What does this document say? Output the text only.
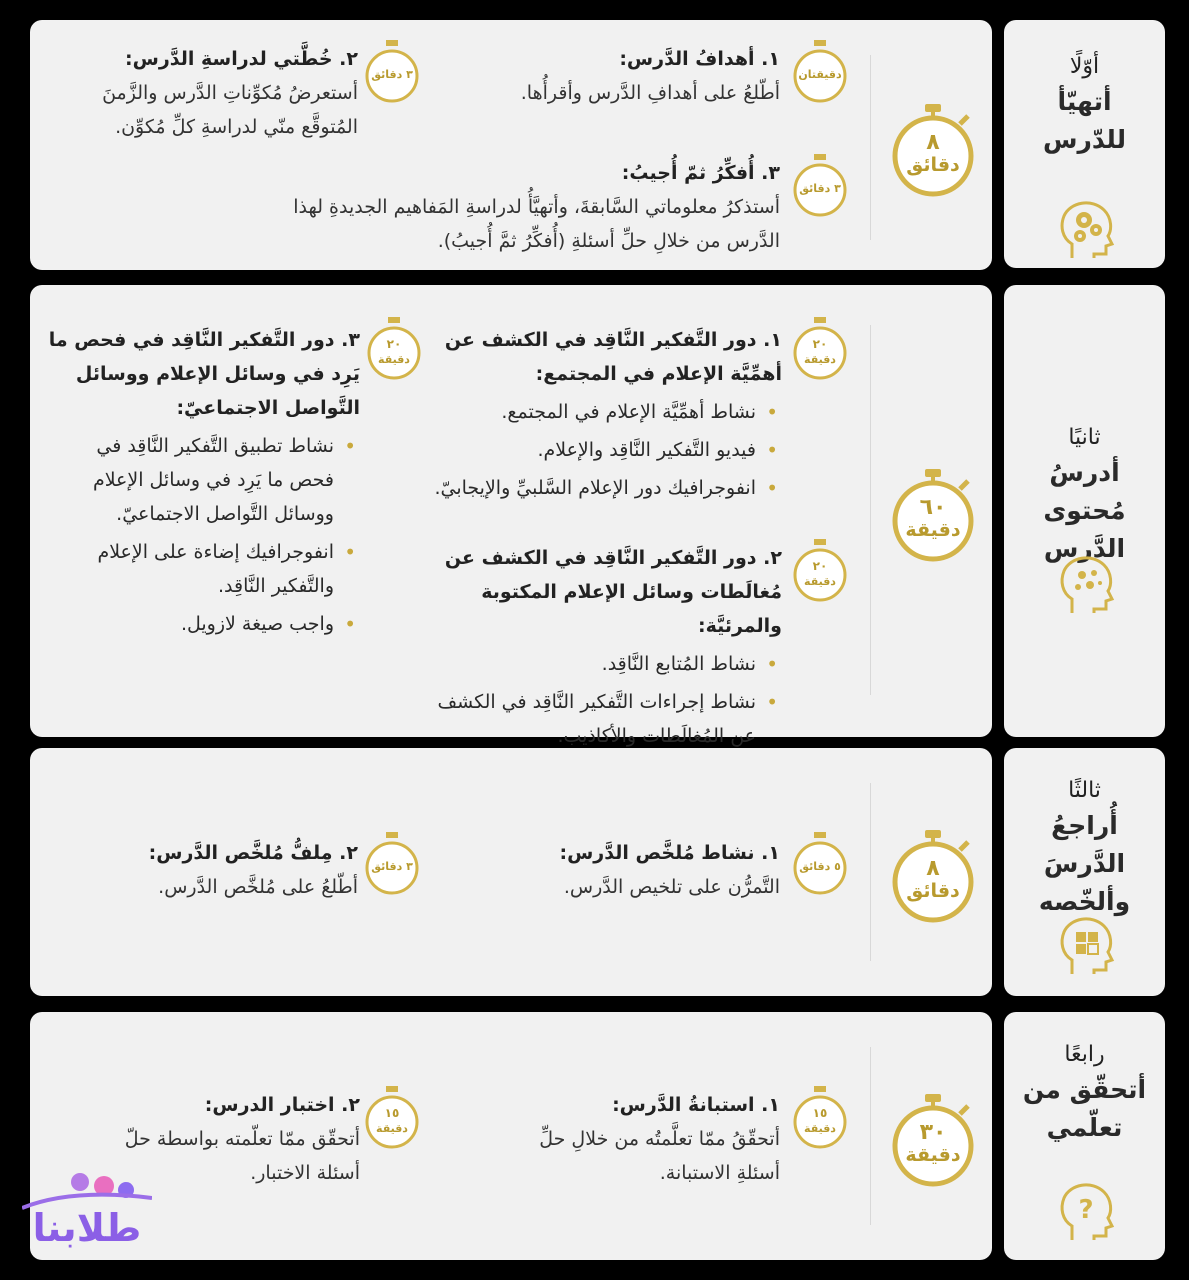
أوّلًا
أتهيّأ للدّرس
٨
دقائق
دقيقتان
١. أهدافُ الدَّرس:
أطّلعُ على أهدافِ الدَّرس وأقرأُها.
٣ دقائق
٢. خُطَّتي لدراسةِ الدَّرس:
أستعرضُ مُكوِّناتِ الدَّرس والزَّمنَ المُتوقَّع منّي لدراسةِ كلِّ مُكوِّن.
٣ دقائق
٣. أُفكِّرُ ثمّ أُجيبُ:
أستذكرُ معلوماتي السَّابقةَ، وأتهيَّأُ لدراسةِ المَفاهيم الجديدةِ لهذا الدَّرس من خلالِ حلِّ أسئلةِ (أُفكِّرُ ثمَّ أُجيبُ).
ثانيًا
أدرسُ مُحتوى الدَّرس
٦٠
دقيقة
٢٠
دقيقة
١. دور التَّفكير النَّاقِد في الكشف عن أهمِّيَّة الإعلام في المجتمع:
• نشاط أهمِّيَّة الإعلام في المجتمع.
• فيديو التَّفكير النَّاقِد والإعلام.
• انفوجرافيك دور الإعلام السَّلبيِّ والإيجابيّ.
٢٠
دقيقة
٢. دور التَّفكير النَّاقِد في الكشف عن مُغالَطات وسائل الإعلام المكتوبة والمرئيَّة:
• نشاط المُتابع النَّاقِد.
• نشاط إجراءات التَّفكير النَّاقِد في الكشف عن المُغالَطات والأكاذيب.
٢٠
دقيقة
٣. دور التَّفكير النَّاقِد في فحص ما يَرِد في وسائل الإعلام ووسائل التَّواصل الاجتماعيّ:
• نشاط تطبيق التَّفكير النَّاقِد في فحص ما يَرِد في وسائل الإعلام ووسائل التَّواصل الاجتماعيّ.
• انفوجرافيك إضاءة على الإعلام والتَّفكير النَّاقِد.
• واجب صيغة لازويل.
ثالثًا
أُراجعُ الدَّرسَ وألخّصه
٨
دقائق
٥ دقائق
١. نشاط مُلخَّص الدَّرس:
التَّمرُّن على تلخيص الدَّرس.
٣ دقائق
٢. مِلفُّ مُلخَّص الدَّرس:
أطّلعُ على مُلخَّص الدَّرس.
رابعًا
أتحقّق من تعلّمي
?
٣٠
دقيقة
١٥
دقيقة
١. استبانةُ الدَّرس:
أتحقّقُ ممّا تعلَّمتُه من خلالِ حلِّ أسئلةِ الاستبانة.
١٥
دقيقة
٢. اختبار الدرس:
أتحقّق ممّا تعلّمته بواسطة حلّ أسئلة الاختبار.
طلابنا
